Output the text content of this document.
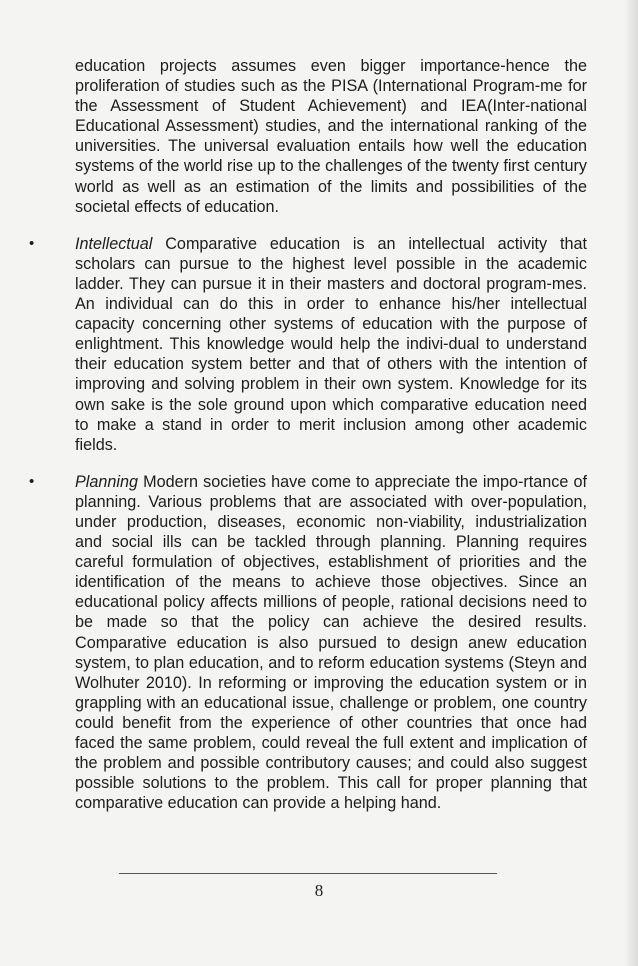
education projects assumes even bigger importance-hence the proliferation of studies such as the PISA (International Program-me for the Assessment of Student Achievement) and IEA(Inter-national Educational Assessment) studies, and the international ranking of the universities. The universal evaluation entails how well the education systems of the world rise up to the challenges of the twenty first century world as well as an estimation of the limits and possibilities of the societal effects of education.

•	Intellectual Comparative education is an intellectual activity that scholars can pursue to the highest level possible in the academic ladder. They can pursue it in their masters and doctoral program-mes. An individual can do this in order to enhance his/her intellectual capacity concerning other systems of education with the purpose of enlightment. This knowledge would help the indivi-dual to understand their education system better and that of others with the intention of improving and solving problem in their own system. Knowledge for its own sake is the sole ground upon which comparative education need to make a stand in order to merit inclusion among other academic fields.

•	Planning Modern societies have come to appreciate the impo-rtance of planning. Various problems that are associated with over-population, under production, diseases, economic non-viability, industrialization and social ills can be tackled through planning. Planning requires careful formulation of objectives, establishment of priorities and the identification of the means to achieve those objectives. Since an educational policy affects millions of people, rational decisions need to be made so that the policy can achieve the desired results. Comparative education is also pursued to design anew education system, to plan education, and to reform education systems (Steyn and Wolhuter 2010). In reforming or improving the education system or in grappling with an educational issue, challenge or problem, one country could benefit from the experience of other countries that once had faced the same problem, could reveal the full extent and implication of the problem and possible contributory causes; and could also suggest possible solutions to the problem. This call for proper planning that comparative education can provide a helping hand.

8
